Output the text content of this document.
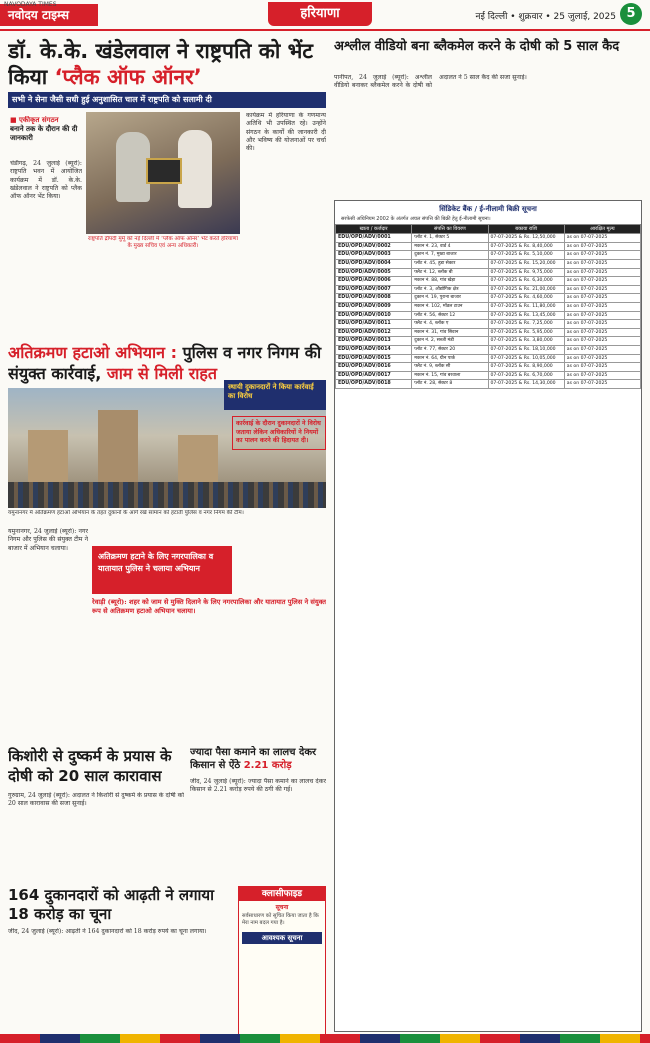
NAVODAYA TIMES
नवोदय टाइम्स	हरियाणा	नई दिल्ली • शुक्रवार • 25 जुलाई, 2025 5
डॉ. के.के. खंडेलवाल ने राष्ट्रपति को भेंट किया ‘प्लैक ऑफ ऑनर’
सभी ने सेना जैसी सधी हुई अनुशासित चाल में राष्ट्रपति को सलामी दी
■ एकीकृत संगठन
बनाने तक के दौरान की दी जानकारी
चंडीगढ़, 24 जुलाई (ब्यूरो): राष्ट्रपति भवन में आयोजित कार्यक्रम में डॉ. के.के. खंडेलवाल ने राष्ट्रपति को प्लैक ऑफ ऑनर भेंट किया।
राष्ट्रपति द्रौपदी मुर्मू को नई दिल्ली में ‘प्लैक ऑफ ऑनर’ भेंट करते हरियाणा के मुख्य सचिव एवं अन्य अधिकारी।
कार्यक्रम में हरियाणा के गणमान्य अतिथि भी उपस्थित रहे। उन्होंने संगठन के कार्यों की जानकारी दी और भविष्य की योजनाओं पर चर्चा की।
अतिक्रमण हटाओ अभियान : पुलिस व नगर निगम की संयुक्त कार्रवाई, जाम से मिली राहत
स्थायी दुकानदारों ने किया कार्रवाई का विरोध
कार्रवाई के दौरान दुकानदारों ने विरोध जताया लेकिन अधिकारियों ने नियमों का पालन करने की हिदायत दी।
यमुनानगर में अतिक्रमण हटाओ अभियान के तहत दुकानों के आगे रखे सामान को हटाती पुलिस व नगर निगम की टीम।
यमुनानगर, 24 जुलाई (ब्यूरो): नगर निगम और पुलिस की संयुक्त टीम ने बाजार में अभियान चलाया।
अतिक्रमण हटाने के लिए नगरपालिका व यातायात पुलिस ने चलाया अभियान
रेवाड़ी (ब्यूरो): शहर को जाम से मुक्ति दिलाने के लिए नगरपालिका और यातायात पुलिस ने संयुक्त रूप से अतिक्रमण हटाओ अभियान चलाया।
किशोरी से दुष्कर्म के प्रयास के दोषी को 20 साल कारावास
गुरुग्राम, 24 जुलाई (ब्यूरो): अदालत ने किशोरी से दुष्कर्म के प्रयास के दोषी को 20 साल कारावास की सजा सुनाई।
ज्यादा पैसा कमाने का लालच देकर किसान से ऐंठे 2.21 करोड़
जींद, 24 जुलाई (ब्यूरो): ज्यादा पैसा कमाने का लालच देकर किसान से 2.21 करोड़ रुपये की ठगी की गई।
164 दुकानदारों को आढ़ती ने लगाया 18 करोड़ का चूना
जींद, 24 जुलाई (ब्यूरो): आढ़ती ने 164 दुकानदारों को 18 करोड़ रुपये का चूना लगाया।
क्लासीफाइड
सूचना
सर्वसाधारण को सूचित किया जाता है कि मेरा नाम बदल गया है।
आवश्यक सूचना
अश्लील वीडियो बना ब्लैकमेल करने के दोषी को 5 साल कैद
पानीपत, 24 जुलाई (ब्यूरो): अश्लील वीडियो बनाकर ब्लैकमेल करने के दोषी को अदालत ने 5 साल कैद की सजा सुनाई।
सिंडिकेट बैंक / ई-नीलामी बिक्री सूचना
सरफेसी अधिनियम 2002 के अंतर्गत अचल संपत्ति की बिक्री हेतु ई-नीलामी सूचना।
खाता / कर्जदार	संपत्ति का विवरण	बकाया राशि	आरक्षित मूल्य
EDU/OPD/ADV/0001	प्लॉट नं. 1, सेक्टर 5	07-07-2025 & Rs. 12,50,000	as on 07-07-2025
EDU/OPD/ADV/0002	मकान नं. 23, वार्ड 4	07-07-2025 & Rs. 8,40,000	as on 07-07-2025
EDU/OPD/ADV/0003	दुकान नं. 7, मुख्य बाजार	07-07-2025 & Rs. 5,10,000	as on 07-07-2025
EDU/OPD/ADV/0004	प्लॉट नं. 45, हुडा सेक्टर	07-07-2025 & Rs. 15,20,000	as on 07-07-2025
EDU/OPD/ADV/0005	फ्लैट नं. 12, ब्लॉक बी	07-07-2025 & Rs. 9,75,000	as on 07-07-2025
EDU/OPD/ADV/0006	मकान नं. 88, गांव खेड़ा	07-07-2025 & Rs. 6,30,000	as on 07-07-2025
EDU/OPD/ADV/0007	प्लॉट नं. 3, औद्योगिक क्षेत्र	07-07-2025 & Rs. 21,00,000	as on 07-07-2025
EDU/OPD/ADV/0008	दुकान नं. 19, पुराना बाजार	07-07-2025 & Rs. 4,60,000	as on 07-07-2025
EDU/OPD/ADV/0009	मकान नं. 102, मॉडल टाउन	07-07-2025 & Rs. 11,80,000	as on 07-07-2025
EDU/OPD/ADV/0010	प्लॉट नं. 56, सेक्टर 12	07-07-2025 & Rs. 13,45,000	as on 07-07-2025
EDU/OPD/ADV/0011	फ्लैट नं. 4, ब्लॉक ए	07-07-2025 & Rs. 7,25,000	as on 07-07-2025
EDU/OPD/ADV/0012	मकान नं. 31, गांव सिवान	07-07-2025 & Rs. 5,95,000	as on 07-07-2025
EDU/OPD/ADV/0013	दुकान नं. 2, सब्जी मंडी	07-07-2025 & Rs. 3,80,000	as on 07-07-2025
EDU/OPD/ADV/0014	प्लॉट नं. 77, सेक्टर 20	07-07-2025 & Rs. 18,10,000	as on 07-07-2025
EDU/OPD/ADV/0015	मकान नं. 64, ग्रीन पार्क	07-07-2025 & Rs. 10,05,000	as on 07-07-2025
EDU/OPD/ADV/0016	फ्लैट नं. 9, ब्लॉक सी	07-07-2025 & Rs. 8,90,000	as on 07-07-2025
EDU/OPD/ADV/0017	मकान नं. 15, गांव बरवाला	07-07-2025 & Rs. 6,70,000	as on 07-07-2025
EDU/OPD/ADV/0018	प्लॉट नं. 28, सेक्टर 8	07-07-2025 & Rs. 14,30,000	as on 07-07-2025
